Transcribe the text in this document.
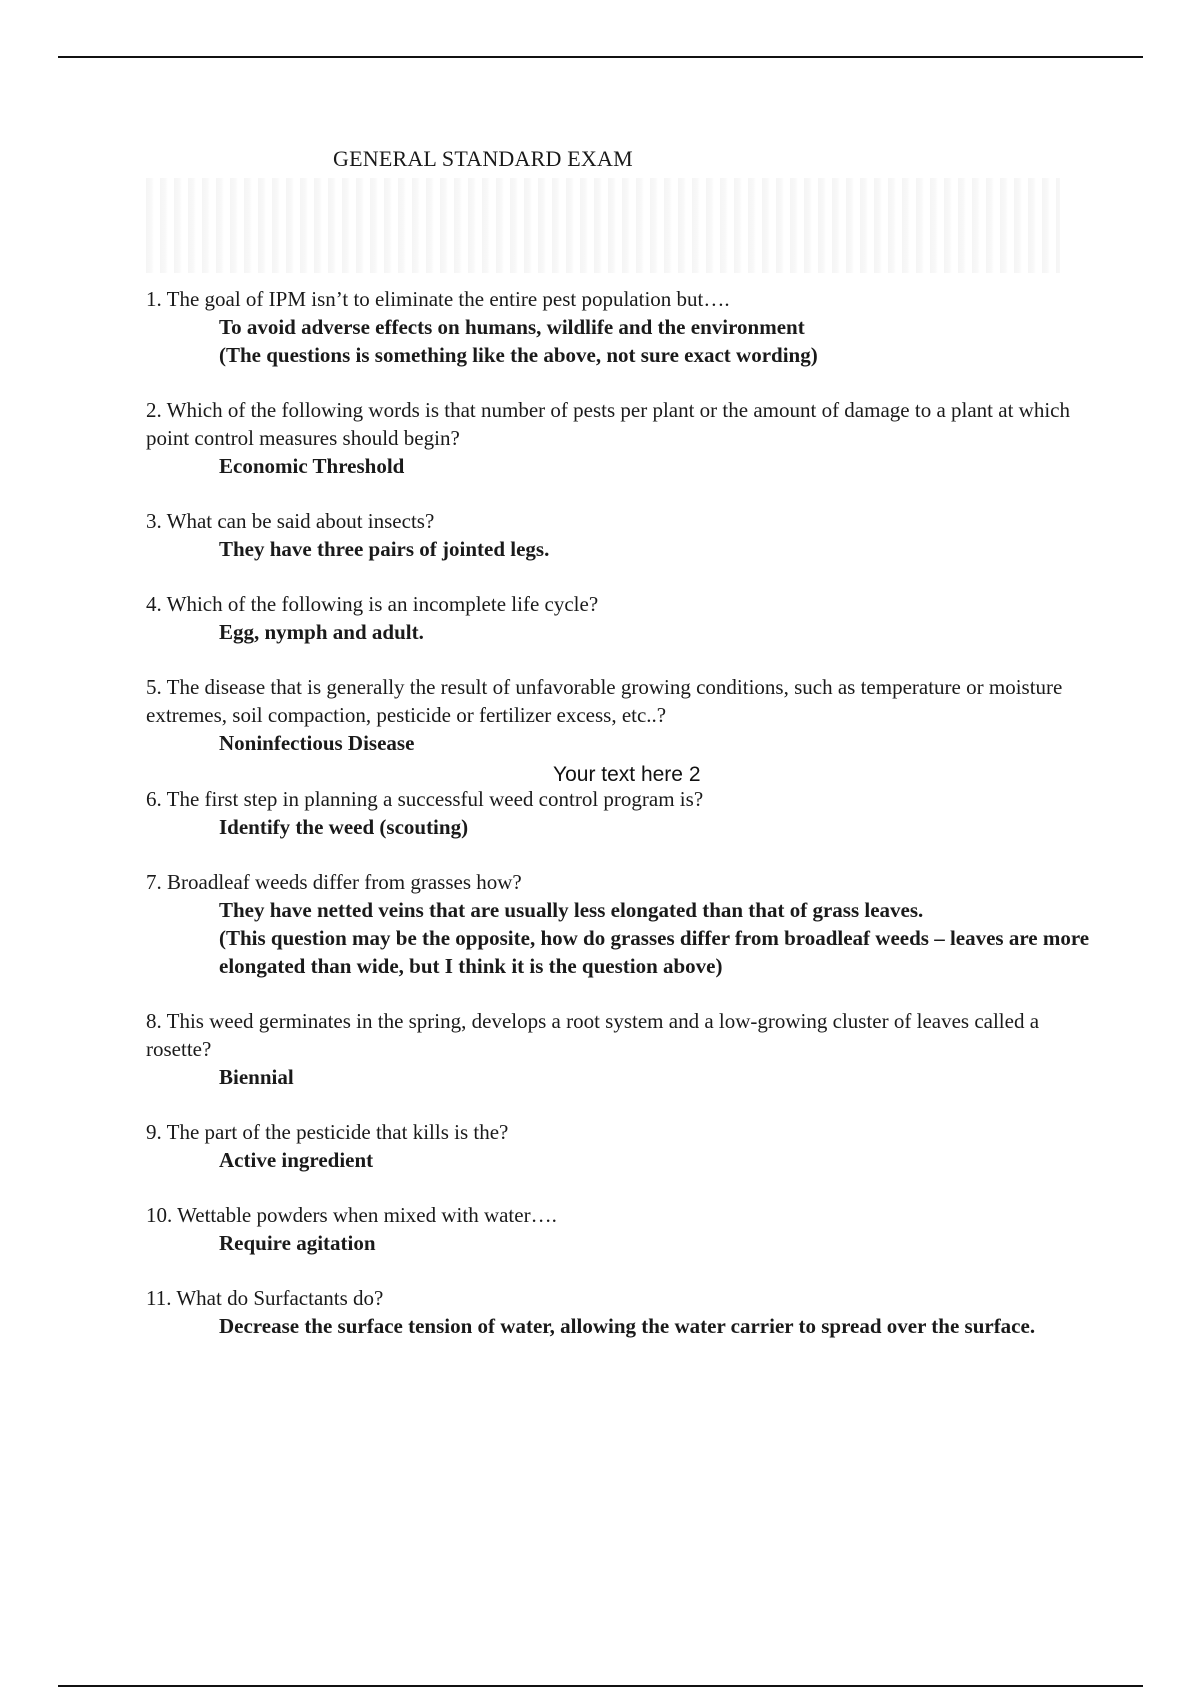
GENERAL STANDARD EXAM

1. The goal of IPM isn’t to eliminate the entire pest population but….

To avoid adverse effects on humans, wildlife and the environment

(The questions is something like the above, not sure exact wording)

2. Which of the following words is that number of pests per plant or the amount of damage to a plant at which point control measures should begin?

Economic Threshold

3. What can be said about insects?

They have three pairs of jointed legs.

4. Which of the following is an incomplete life cycle?

Egg, nymph and adult.

5. The disease that is generally the result of unfavorable growing conditions, such as temperature or moisture extremes, soil compaction, pesticide or fertilizer excess, etc..?

Noninfectious Disease

6. The first step in planning a successful weed control program is?

Identify the weed (scouting)

7. Broadleaf weeds differ from grasses how?

They have netted veins that are usually less elongated than that of grass leaves.

(This question may be the opposite, how do grasses differ from broadleaf weeds – leaves are more elongated than wide, but I think it is the question above)

8. This weed germinates in the spring, develops a root system and a low-growing cluster of leaves called a rosette?

Biennial

9. The part of the pesticide that kills is the?

Active ingredient

10. Wettable powders when mixed with water….

Require agitation

11. What do Surfactants do?

Decrease the surface tension of water, allowing the water carrier to spread over the surface.

Your text here 2
